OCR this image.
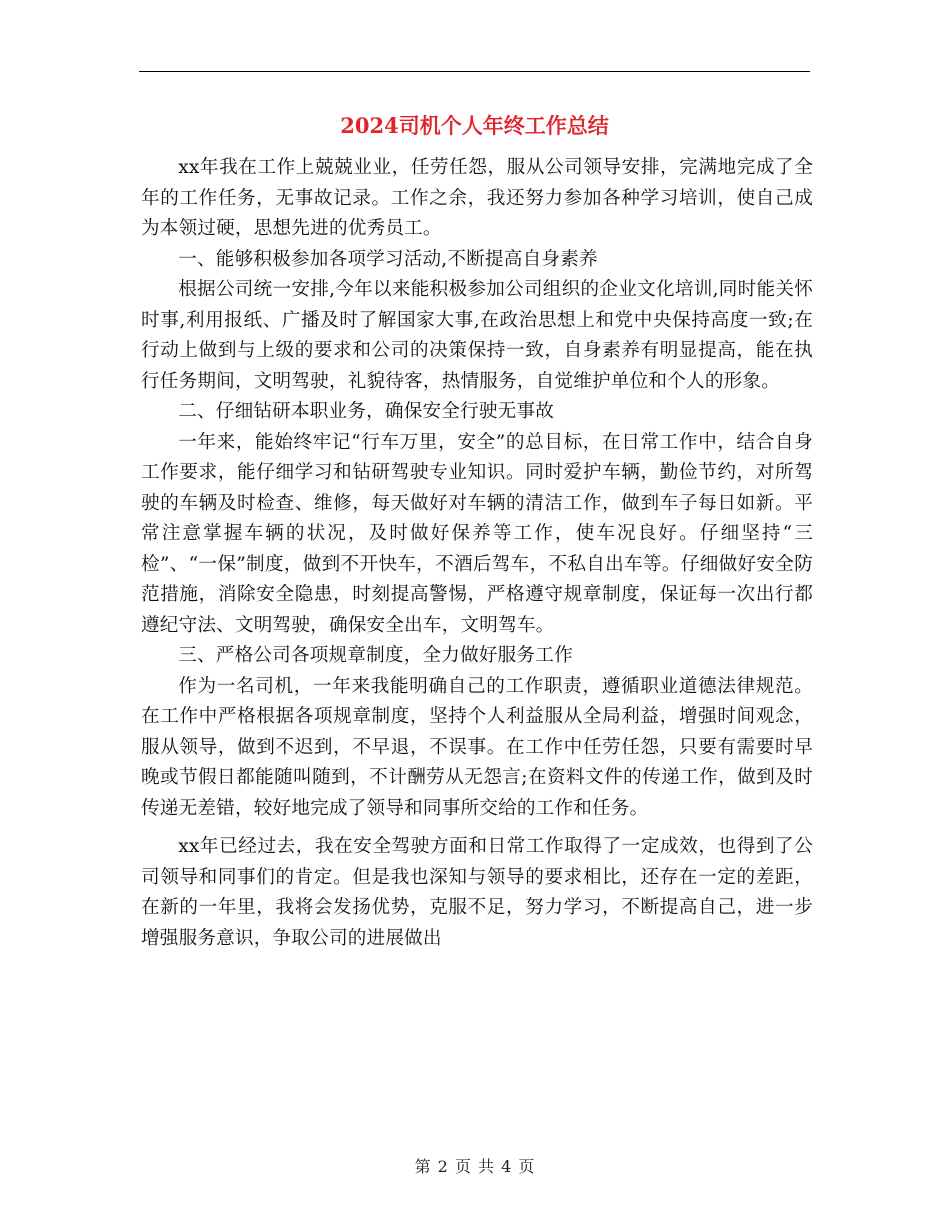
2024司机个人年终工作总结

xx年我在工作上兢兢业业，任劳任怨，服从公司领导安排，完满地完成了全年的工作任务，无事故记录。工作之余，我还努力参加各种学习培训，使自己成为本领过硬，思想先进的优秀员工。

一、能够积极参加各项学习活动,不断提高自身素养

根据公司统一安排,今年以来能积极参加公司组织的企业文化培训,同时能关怀时事,利用报纸、广播及时了解国家大事,在政治思想上和党中央保持高度一致;在行动上做到与上级的要求和公司的决策保持一致，自身素养有明显提高，能在执行任务期间，文明驾驶，礼貌待客，热情服务，自觉维护单位和个人的形象。

二、仔细钻研本职业务，确保安全行驶无事故

一年来，能始终牢记“行车万里，安全”的总目标，在日常工作中，结合自身工作要求，能仔细学习和钻研驾驶专业知识。同时爱护车辆，勤俭节约，对所驾驶的车辆及时检查、维修，每天做好对车辆的清洁工作，做到车子每日如新。平常注意掌握车辆的状况，及时做好保养等工作，使车况良好。仔细坚持“三检”、“一保”制度，做到不开快车，不酒后驾车，不私自出车等。仔细做好安全防范措施，消除安全隐患，时刻提高警惕，严格遵守规章制度，保证每一次出行都遵纪守法、文明驾驶，确保安全出车，文明驾车。

三、严格公司各项规章制度，全力做好服务工作

作为一名司机，一年来我能明确自己的工作职责，遵循职业道德法律规范。在工作中严格根据各项规章制度，坚持个人利益服从全局利益，增强时间观念，服从领导，做到不迟到，不早退，不误事。在工作中任劳任怨，只要有需要时早晚或节假日都能随叫随到，不计酬劳从无怨言;在资料文件的传递工作，做到及时传递无差错，较好地完成了领导和同事所交给的工作和任务。

xx年已经过去，我在安全驾驶方面和日常工作取得了一定成效，也得到了公司领导和同事们的肯定。但是我也深知与领导的要求相比，还存在一定的差距，在新的一年里，我将会发扬优势，克服不足，努力学习，不断提高自己，进一步增强服务意识，争取公司的进展做出

第 2 页 共 4 页
